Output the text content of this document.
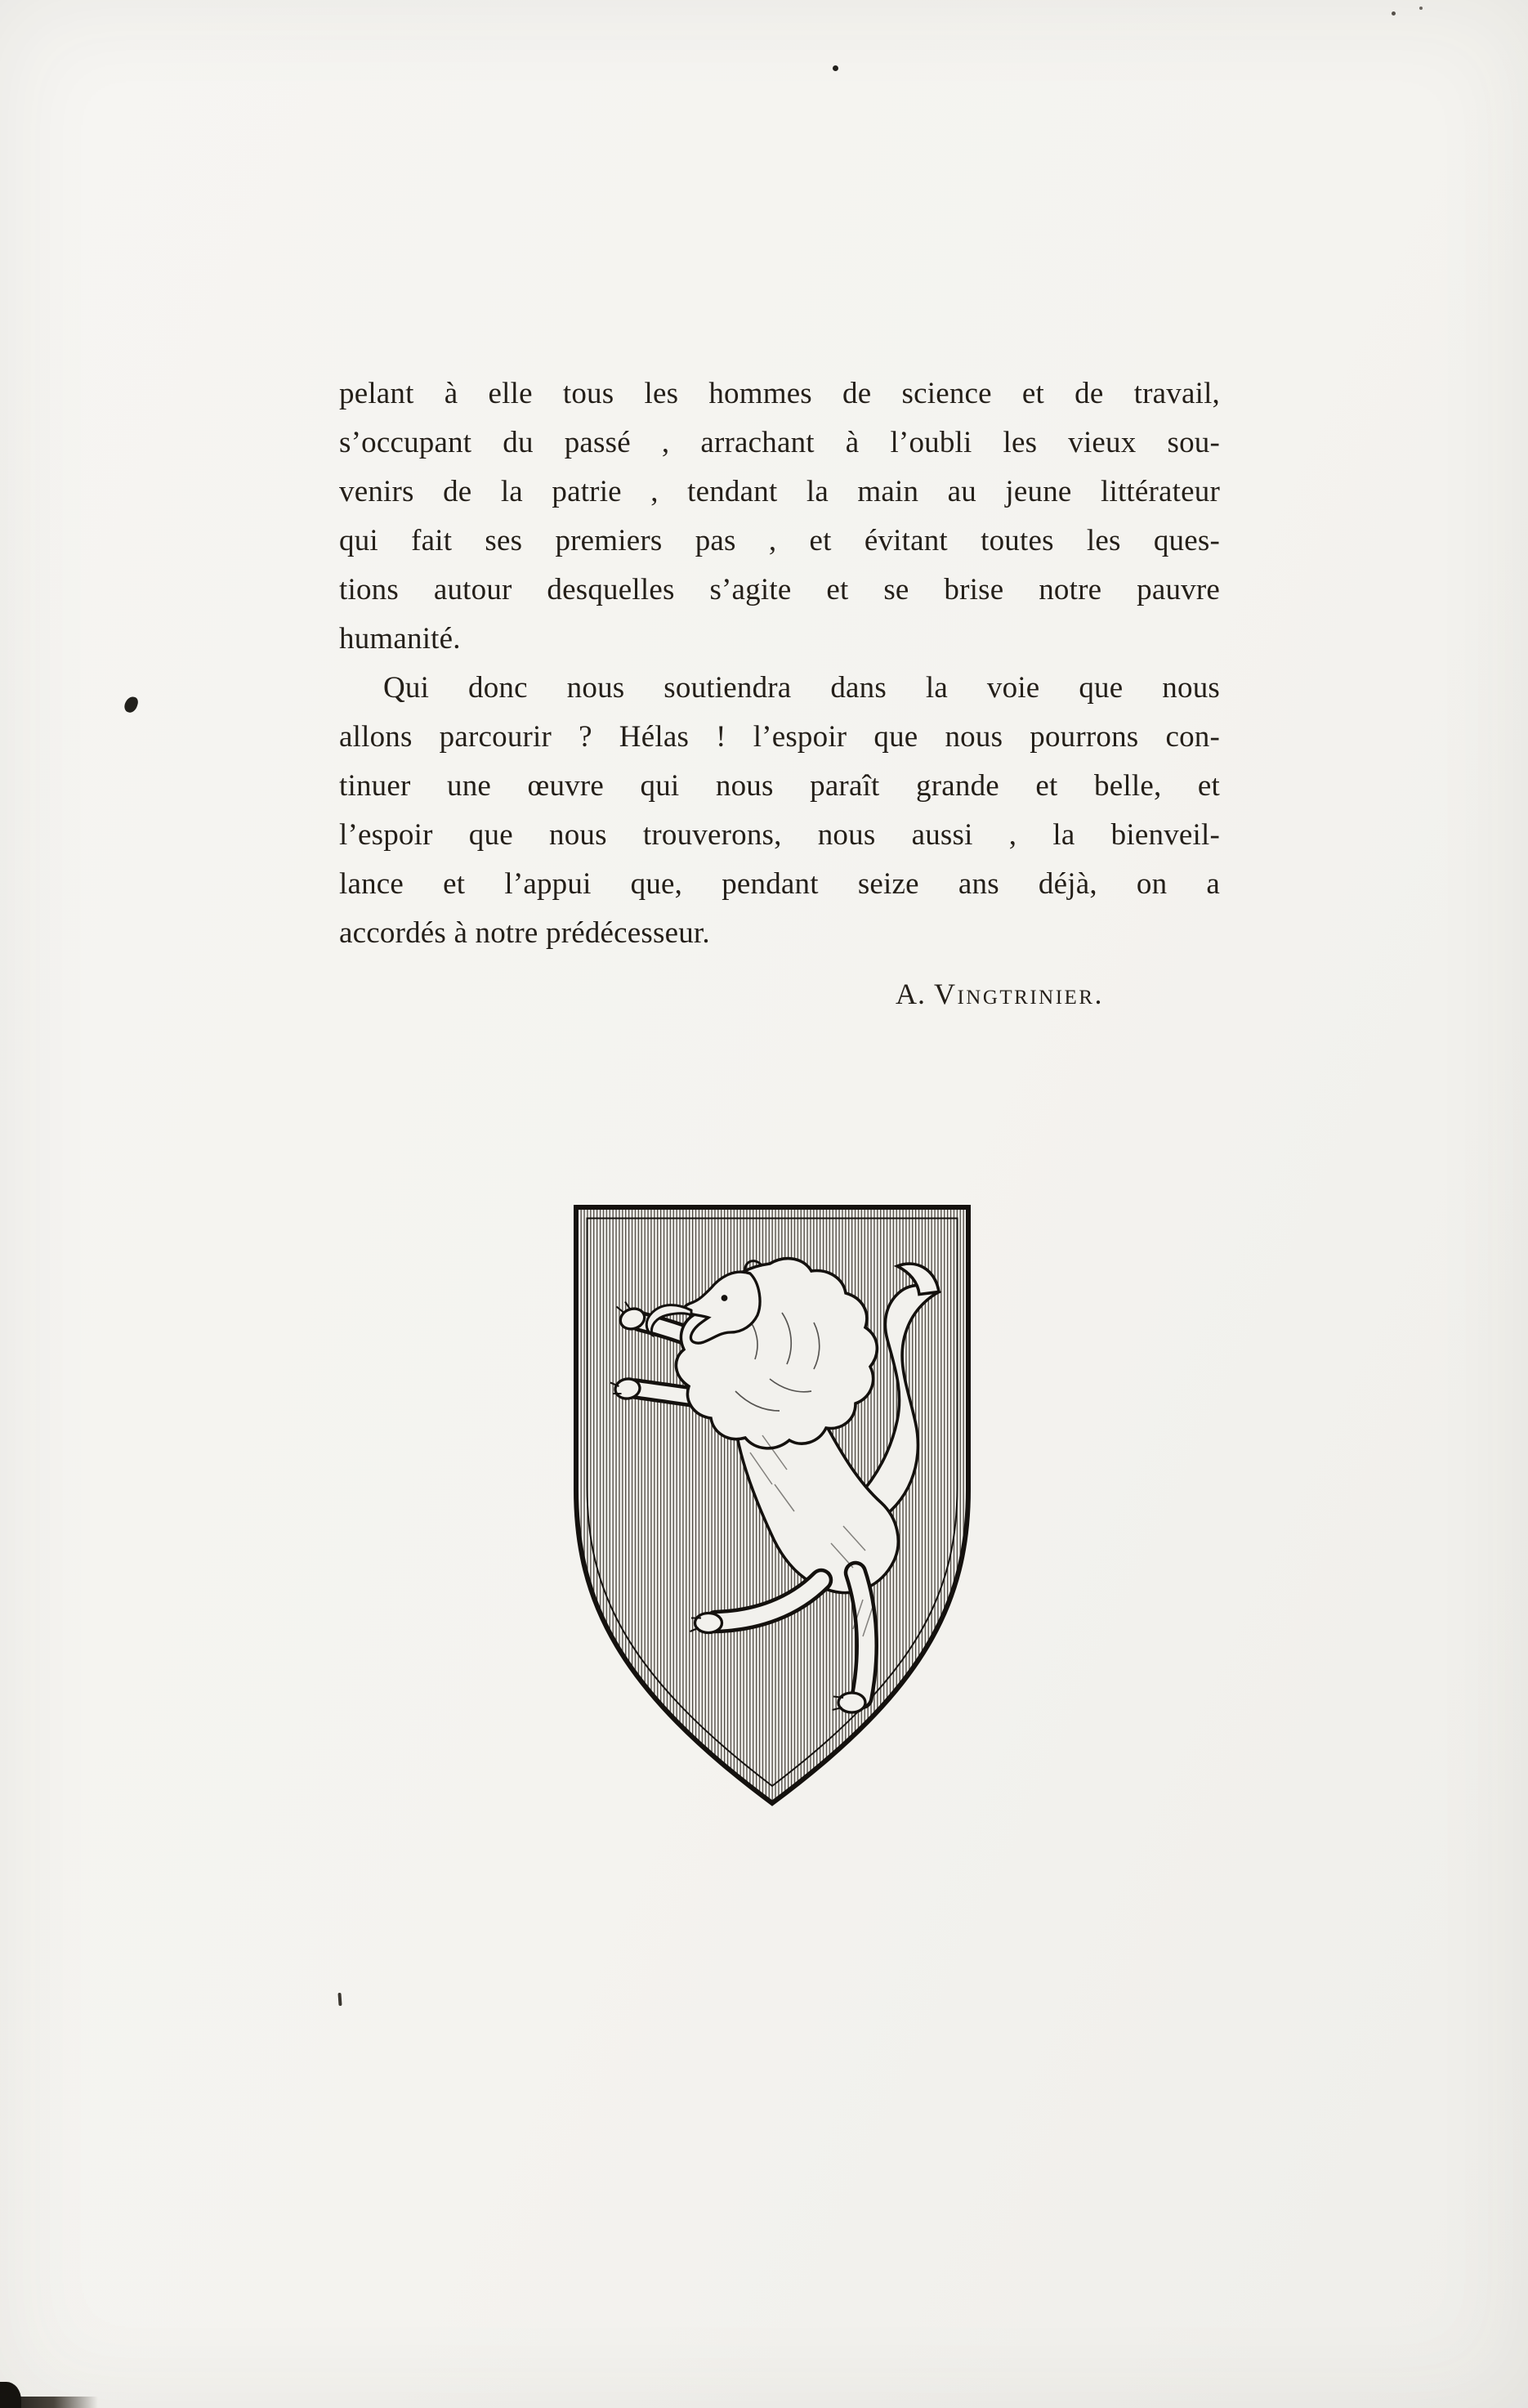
pelant à elle tous les hommes de science et de travail,
s’occupant du passé , arrachant à l’oubli les vieux sou-
venirs de la patrie , tendant la main au jeune littérateur
qui fait ses premiers pas , et évitant toutes les ques-
tions autour desquelles s’agite et se brise notre pauvre
humanité.
Qui donc nous soutiendra dans la voie que nous
allons parcourir ? Hélas ! l’espoir que nous pourrons con-
tinuer une œuvre qui nous paraît grande et belle, et
l’espoir que nous trouverons, nous aussi , la bienveil-
lance et l’appui que, pendant seize ans déjà, on a
accordés à notre prédécesseur.
A. Vingtrinier.
